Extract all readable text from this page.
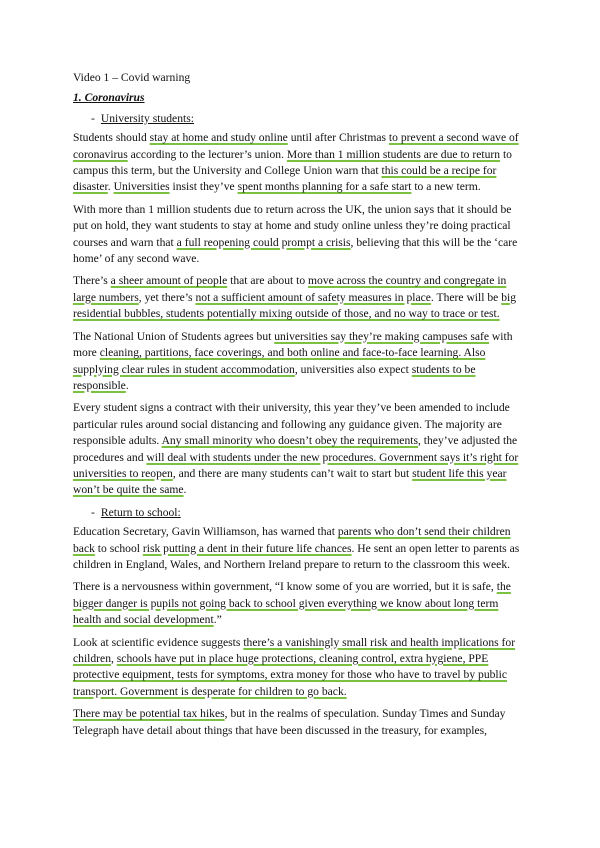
Video 1 – Covid warning
1. Coronavirus
- University students:

Students should stay at home and study online until after Christmas to prevent a second wave of coronavirus according to the lecturer’s union. More than 1 million students are due to return to campus this term, but the University and College Union warn that this could be a recipe for disaster. Universities insist they’ve spent months planning for a safe start to a new term.

With more than 1 million students due to return across the UK, the union says that it should be put on hold, they want students to stay at home and study online unless they’re doing practical courses and warn that a full reopening could prompt a crisis, believing that this will be the ‘care home’ of any second wave.

There’s a sheer amount of people that are about to move across the country and congregate in large numbers, yet there’s not a sufficient amount of safety measures in place. There will be big residential bubbles, students potentially mixing outside of those, and no way to trace or test.

The National Union of Students agrees but universities say they’re making campuses safe with more cleaning, partitions, face coverings, and both online and face-to-face learning. Also supplying clear rules in student accommodation, universities also expect students to be responsible.

Every student signs a contract with their university, this year they’ve been amended to include particular rules around social distancing and following any guidance given. The majority are responsible adults. Any small minority who doesn’t obey the requirements, they’ve adjusted the procedures and will deal with students under the new procedures. Government says it’s right for universities to reopen, and there are many students can’t wait to start but student life this year won’t be quite the same.

- Return to school:

Education Secretary, Gavin Williamson, has warned that parents who don’t send their children back to school risk putting a dent in their future life chances. He sent an open letter to parents as children in England, Wales, and Northern Ireland prepare to return to the classroom this week.

There is a nervousness within government, “I know some of you are worried, but it is safe, the bigger danger is pupils not going back to school given everything we know about long term health and social development.”

Look at scientific evidence suggests there’s a vanishingly small risk and health implications for children, schools have put in place huge protections, cleaning control, extra hygiene, PPE protective equipment, tests for symptoms, extra money for those who have to travel by public transport. Government is desperate for children to go back.

There may be potential tax hikes, but in the realms of speculation. Sunday Times and Sunday Telegraph have detail about things that have been discussed in the treasury, for examples,
